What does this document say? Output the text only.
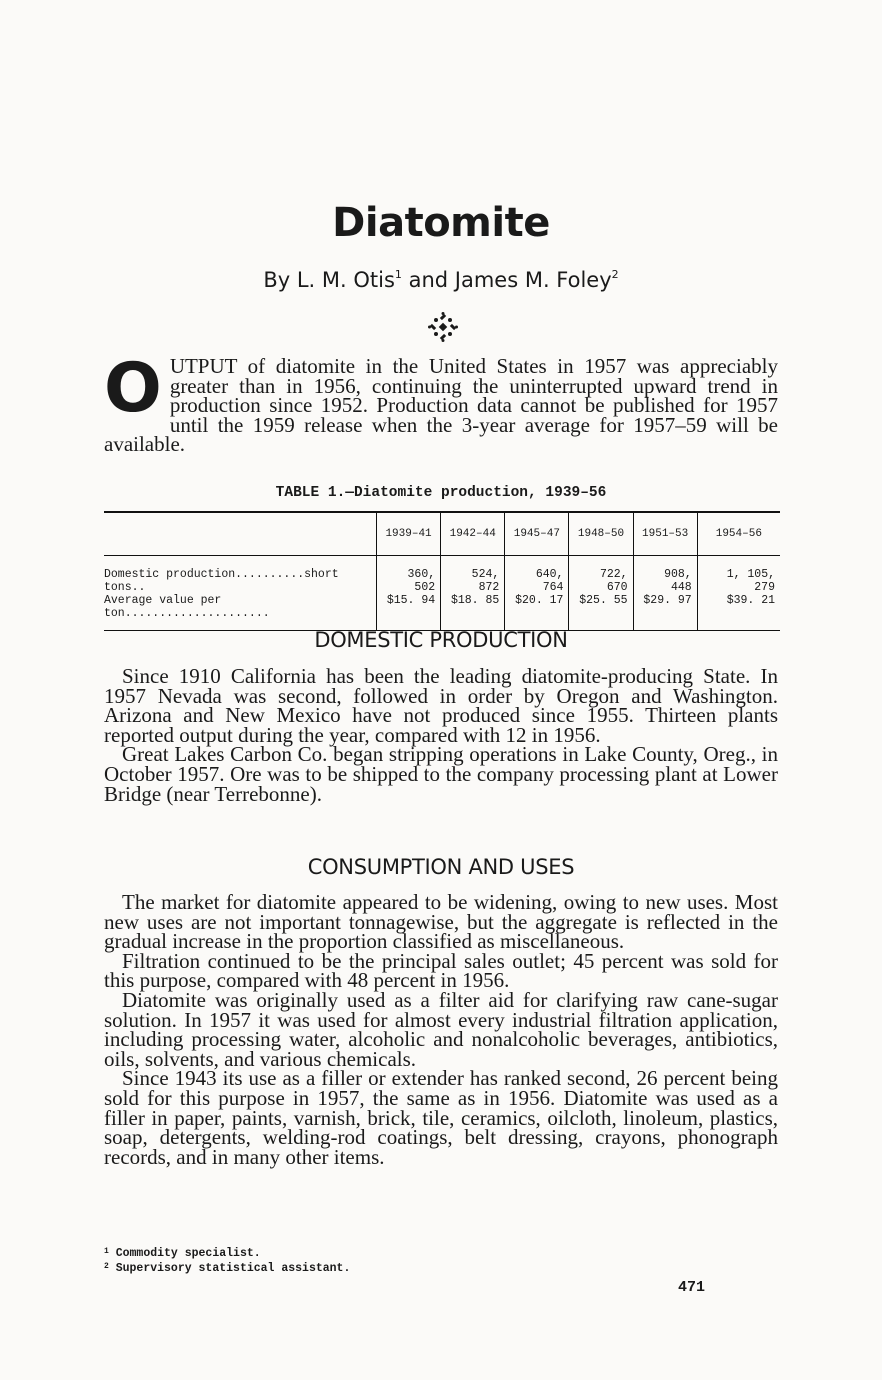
Diatomite
By L. M. Otis$^1$ and James M. Foley$^2$

OUTPUT of diatomite in the United States in 1957 was appreciably greater than in 1956, continuing the uninterrupted upward trend in production since 1952. Production data cannot be published for 1957 until the 1959 release when the 3-year average for 1957–59 will be available.

TABLE 1.—Diatomite production, 1939–56
	1939–41	1942–44	1945–47	1948–50	1951–53	1954–56
Domestic production..........short tons..	360, 502	524, 872	640, 764	722, 670	908, 448	1, 105, 279
Average value per ton.....................	$15. 94	$18. 85	$20. 17	$25. 55	$29. 97	$39. 21
DOMESTIC PRODUCTION

Since 1910 California has been the leading diatomite-producing State. In 1957 Nevada was second, followed in order by Oregon and Washington. Arizona and New Mexico have not produced since 1955. Thirteen plants reported output during the year, compared with 12 in 1956.

Great Lakes Carbon Co. began stripping operations in Lake County, Oreg., in October 1957. Ore was to be shipped to the company processing plant at Lower Bridge (near Terrebonne).

CONSUMPTION AND USES

The market for diatomite appeared to be widening, owing to new uses. Most new uses are not important tonnagewise, but the aggregate is reflected in the gradual increase in the proportion classified as miscellaneous.

Filtration continued to be the principal sales outlet; 45 percent was sold for this purpose, compared with 48 percent in 1956.

Diatomite was originally used as a filter aid for clarifying raw cane-sugar solution. In 1957 it was used for almost every industrial filtration application, including processing water, alcoholic and nonalcoholic beverages, antibiotics, oils, solvents, and various chemicals.

Since 1943 its use as a filler or extender has ranked second, 26 percent being sold for this purpose in 1957, the same as in 1956. Diatomite was used as a filler in paper, paints, varnish, brick, tile, ceramics, oilcloth, linoleum, plastics, soap, detergents, welding-rod coatings, belt dressing, crayons, phonograph records, and in many other items.

$^1$ Commodity specialist.
$^2$ Supervisory statistical assistant.
471
